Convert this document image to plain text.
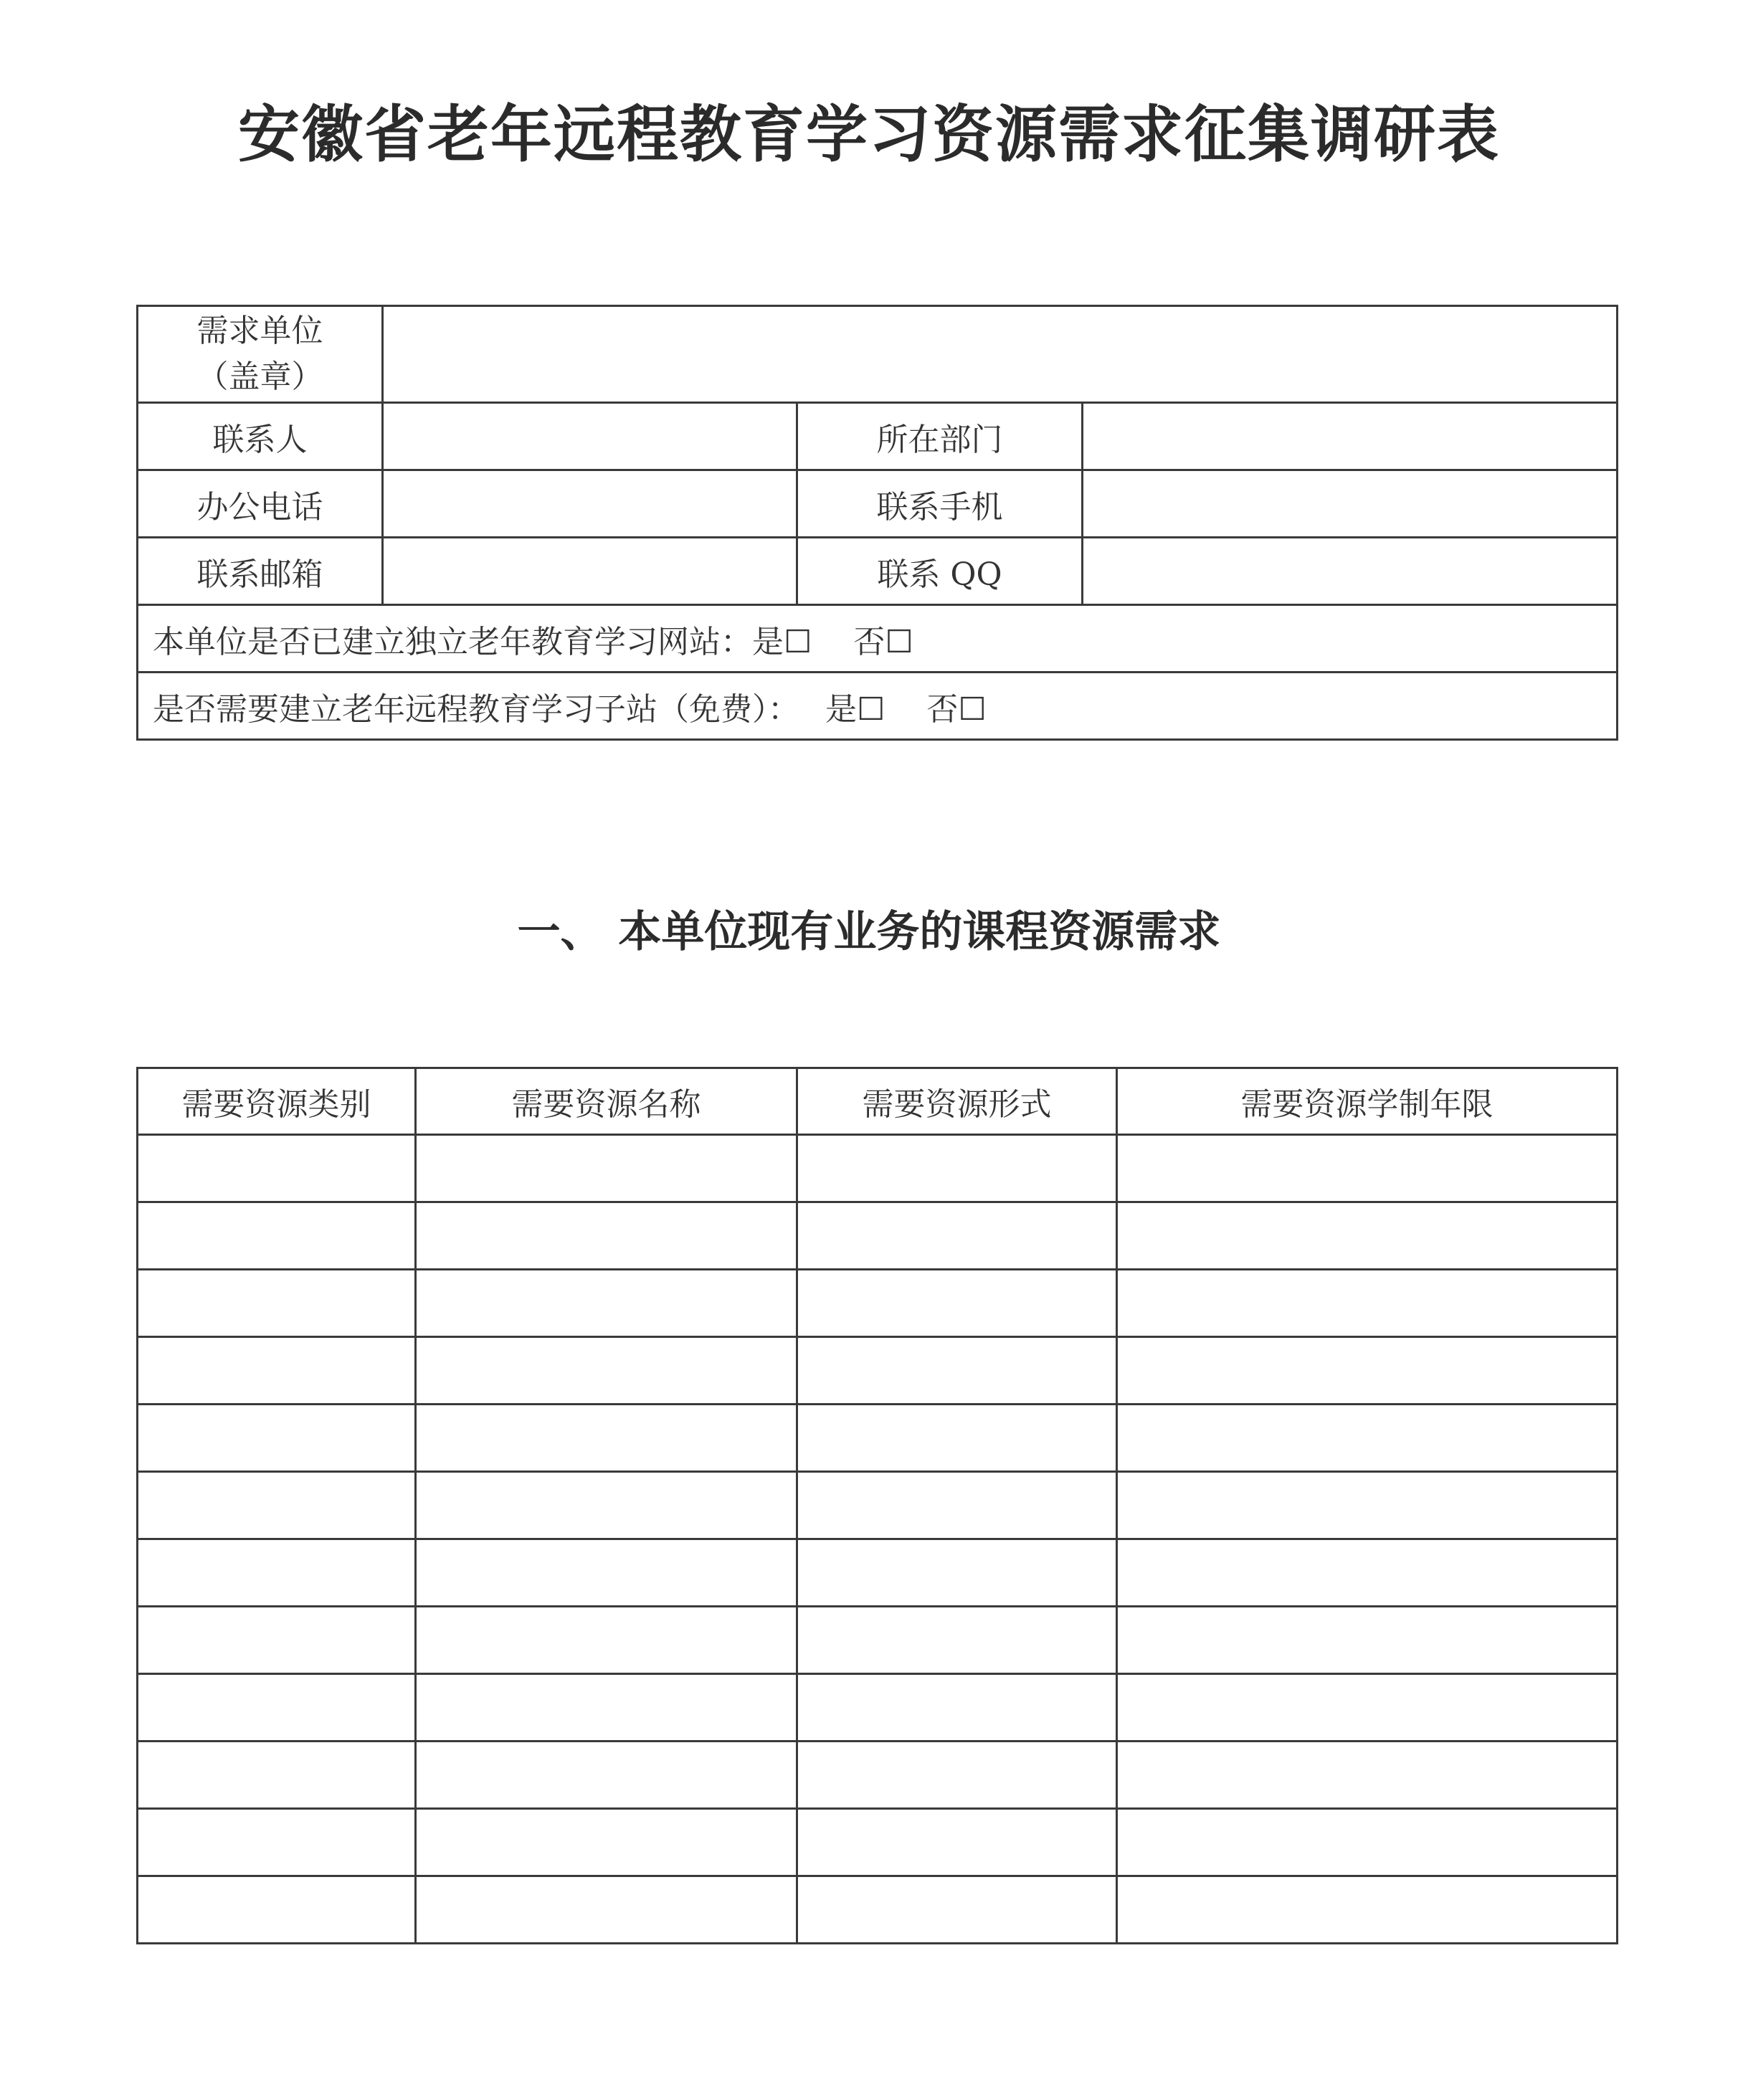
安徽省老年远程教育学习资源需求征集调研表
需求单位
（盖章）			

联系人		所在部门	
办公电话		联系手机	
联系邮箱		联系 QQ	
本单位是否已建立独立老年教育学习网站：是☐　 否☐			
是否需要建立老年远程教育学习子站（免费）：　 是☐　 否☐			
一、 本单位现有业务的课程资源需求
需要资源类别	需要资源名称	需要资源形式	需要资源学制年限
